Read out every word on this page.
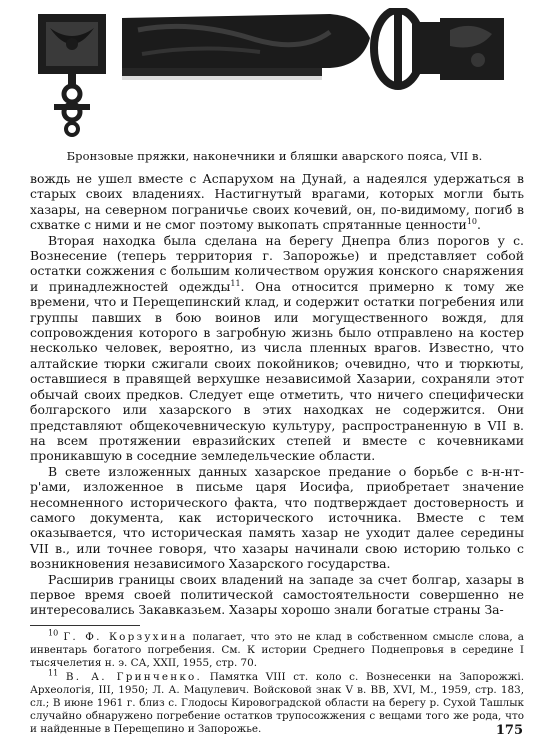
Бронзовые пряжки, наконечники и бляшки аварского пояса, VII в.

вождь не ушел вместе с Аспарухом на Дунай, а надеялся удержаться в старых своих владениях. Настигнутый врагами, которых могли быть хазары, на северном пограничье своих кочевий, он, по-видимому, погиб в схватке с ними и не смог поэтому выкопать спрятанные ценности$^{10}$.

Вторая находка была сделана на берегу Днепра близ порогов у с. Вознесение (теперь территория г. Запорожье) и представляет собой остатки сожжения с большим количеством оружия конского снаряжения и принадлежностей одежды$^{11}$. Она относится примерно к тому же времени, что и Перещепинский клад, и содержит остатки погребения или группы павших в бою воинов или могущественного вождя, для сопровождения которого в загробную жизнь было отправлено на костер несколько человек, вероятно, из числа пленных врагов. Известно, что алтайские тюрки сжигали своих покойников; очевидно, что и тюркюты, оставшиеся в правящей верхушке независимой Хазарии, сохраняли этот обычай своих предков. Следует еще отметить, что ничего специфически болгарского или хазарского в этих находках не содержится. Они представляют общекочевническую культуру, распространенную в VII в. на всем протяжении евразийских степей и вместе с кочевниками проникавшую в соседние земледельческие области.

В свете изложенных данных хазарское предание о борьбе с в-н-нт-р'ами, изложенное в письме царя Иосифа, приобретает значение несомненного исторического факта, что подтверждает достоверность и самого документа, как исторического источника. Вместе с тем оказывается, что историческая память хазар не уходит далее середины VII в., или точнее говоря, что хазары начинали свою историю только с возникновения независимого Хазарского государства.

Расширив границы своих владений на западе за счет болгар, хазары в первое время своей политической самостоятельности совершенно не интересовались Закавказьем. Хазары хорошо знали богатые страны За-

$^{10}$ Г. Ф. Корзухина полагает, что это не клад в собственном смысле слова, а инвентарь богатого погребения. См. К истории Среднего Поднепровья в середине I тысячелетия н. э. СА, XXII, 1955, стр. 70.

$^{11}$ В. А. Гринченко. Памятка VIII ст. коло с. Вознесенки на Запорожжі. Археологія, III, 1950; Л. А. Мацулевич. Войсковой знак V в. ВВ, XVI, М., 1959, стр. 183, сл.; В июне 1961 г. близ с. Глодосы Кировоградской области на берегу р. Сухой Ташлык случайно обнаружено погребение остатков трупосожжения с вещами того же рода, что и найденные в Перещепино и Запорожье.	175
